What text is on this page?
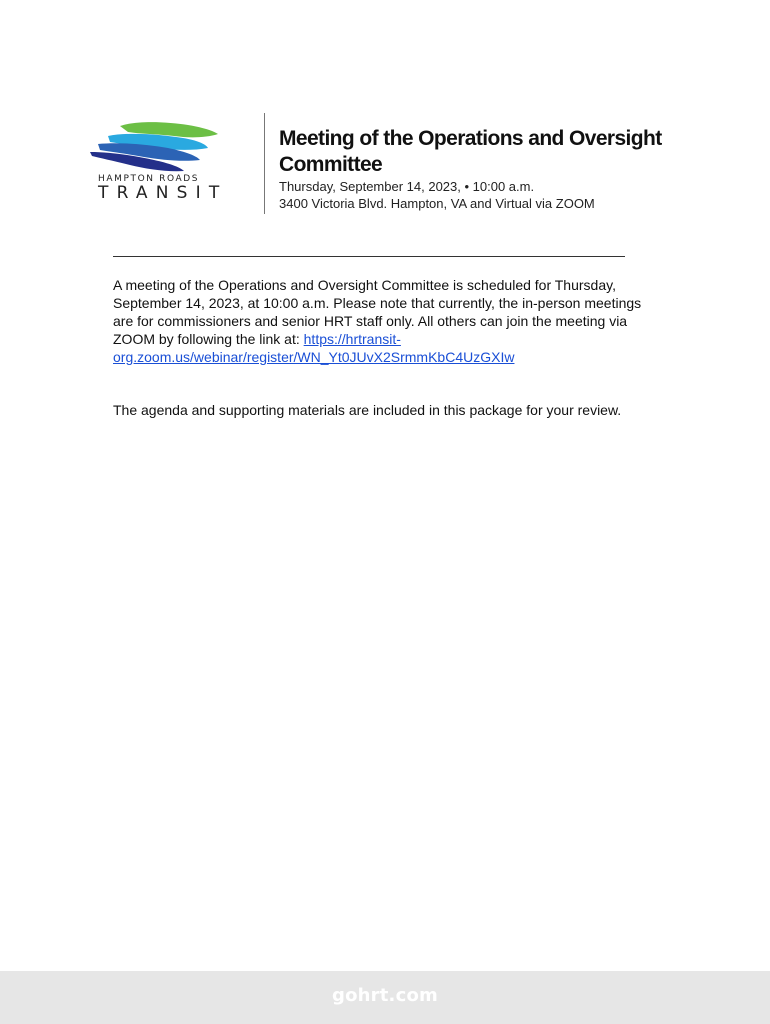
HAMPTON ROADS
TRANSIT
Meeting of the Operations and Oversight Committee
Thursday, September 14, 2023, • 10:00 a.m.
3400 Victoria Blvd. Hampton, VA and Virtual via ZOOM

A meeting of the Operations and Oversight Committee is scheduled for Thursday, September 14, 2023, at 10:00 a.m. Please note that currently, the in-person meetings are for commissioners and senior HRT staff only. All others can join the meeting via ZOOM by following the link at: https://hrtransit-org.zoom.us/webinar/register/WN_Yt0JUvX2SrmmKbC4UzGXIw

The agenda and supporting materials are included in this package for your review.

gohrt.com
